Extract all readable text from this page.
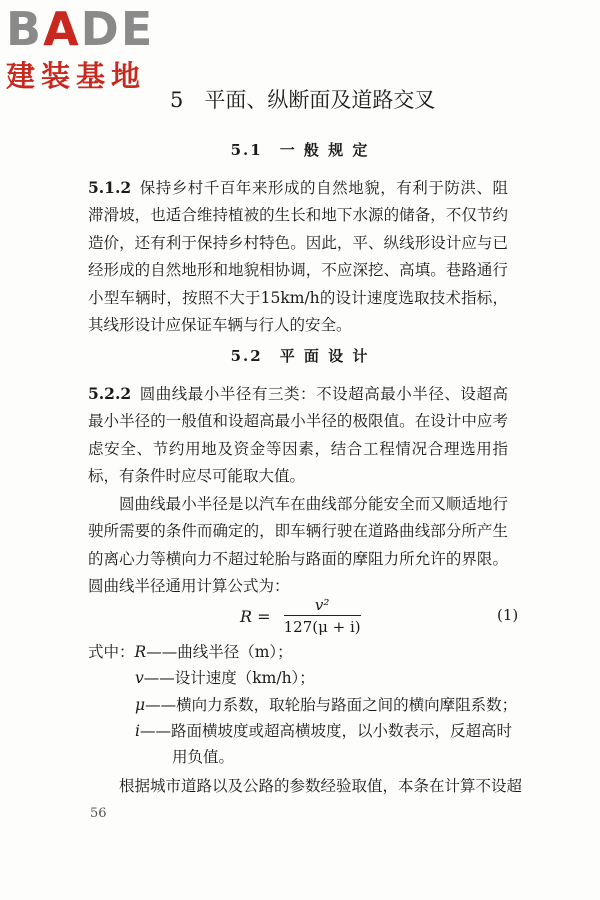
BADE
建装基地
5　平面、纵断面及道路交叉
5.1　一 般 规 定
5.1.2 保持乡村千百年来形成的自然地貌，有利于防洪、阻滞滑坡，也适合维持植被的生长和地下水源的储备，不仅节约造价，还有利于保持乡村特色。因此，平、纵线形设计应与已经形成的自然地形和地貌相协调，不应深挖、高填。巷路通行小型车辆时，按照不大于15km/h的设计速度选取技术指标，其线形设计应保证车辆与行人的安全。
5.2　平 面 设 计
5.2.2 圆曲线最小半径有三类：不设超高最小半径、设超高最小半径的一般值和设超高最小半径的极限值。在设计中应考虑安全、节约用地及资金等因素，结合工程情况合理选用指标，有条件时应尽可能取大值。
圆曲线最小半径是以汽车在曲线部分能安全而又顺适地行驶所需要的条件而确定的，即车辆行驶在道路曲线部分所产生的离心力等横向力不超过轮胎与路面的摩阻力所允许的界限。圆曲线半径通用计算公式为：
$R = \frac{\text{v²}}{127(\mu + i)}$	(1)
式中：R——曲线半径（m）；
v——设计速度（km/h）；
μ——横向力系数，取轮胎与路面之间的横向摩阻系数；
i——路面横坡度或超高横坡度，以小数表示，反超高时
用负值。
根据城市道路以及公路的参数经验取值，本条在计算不设超
56
